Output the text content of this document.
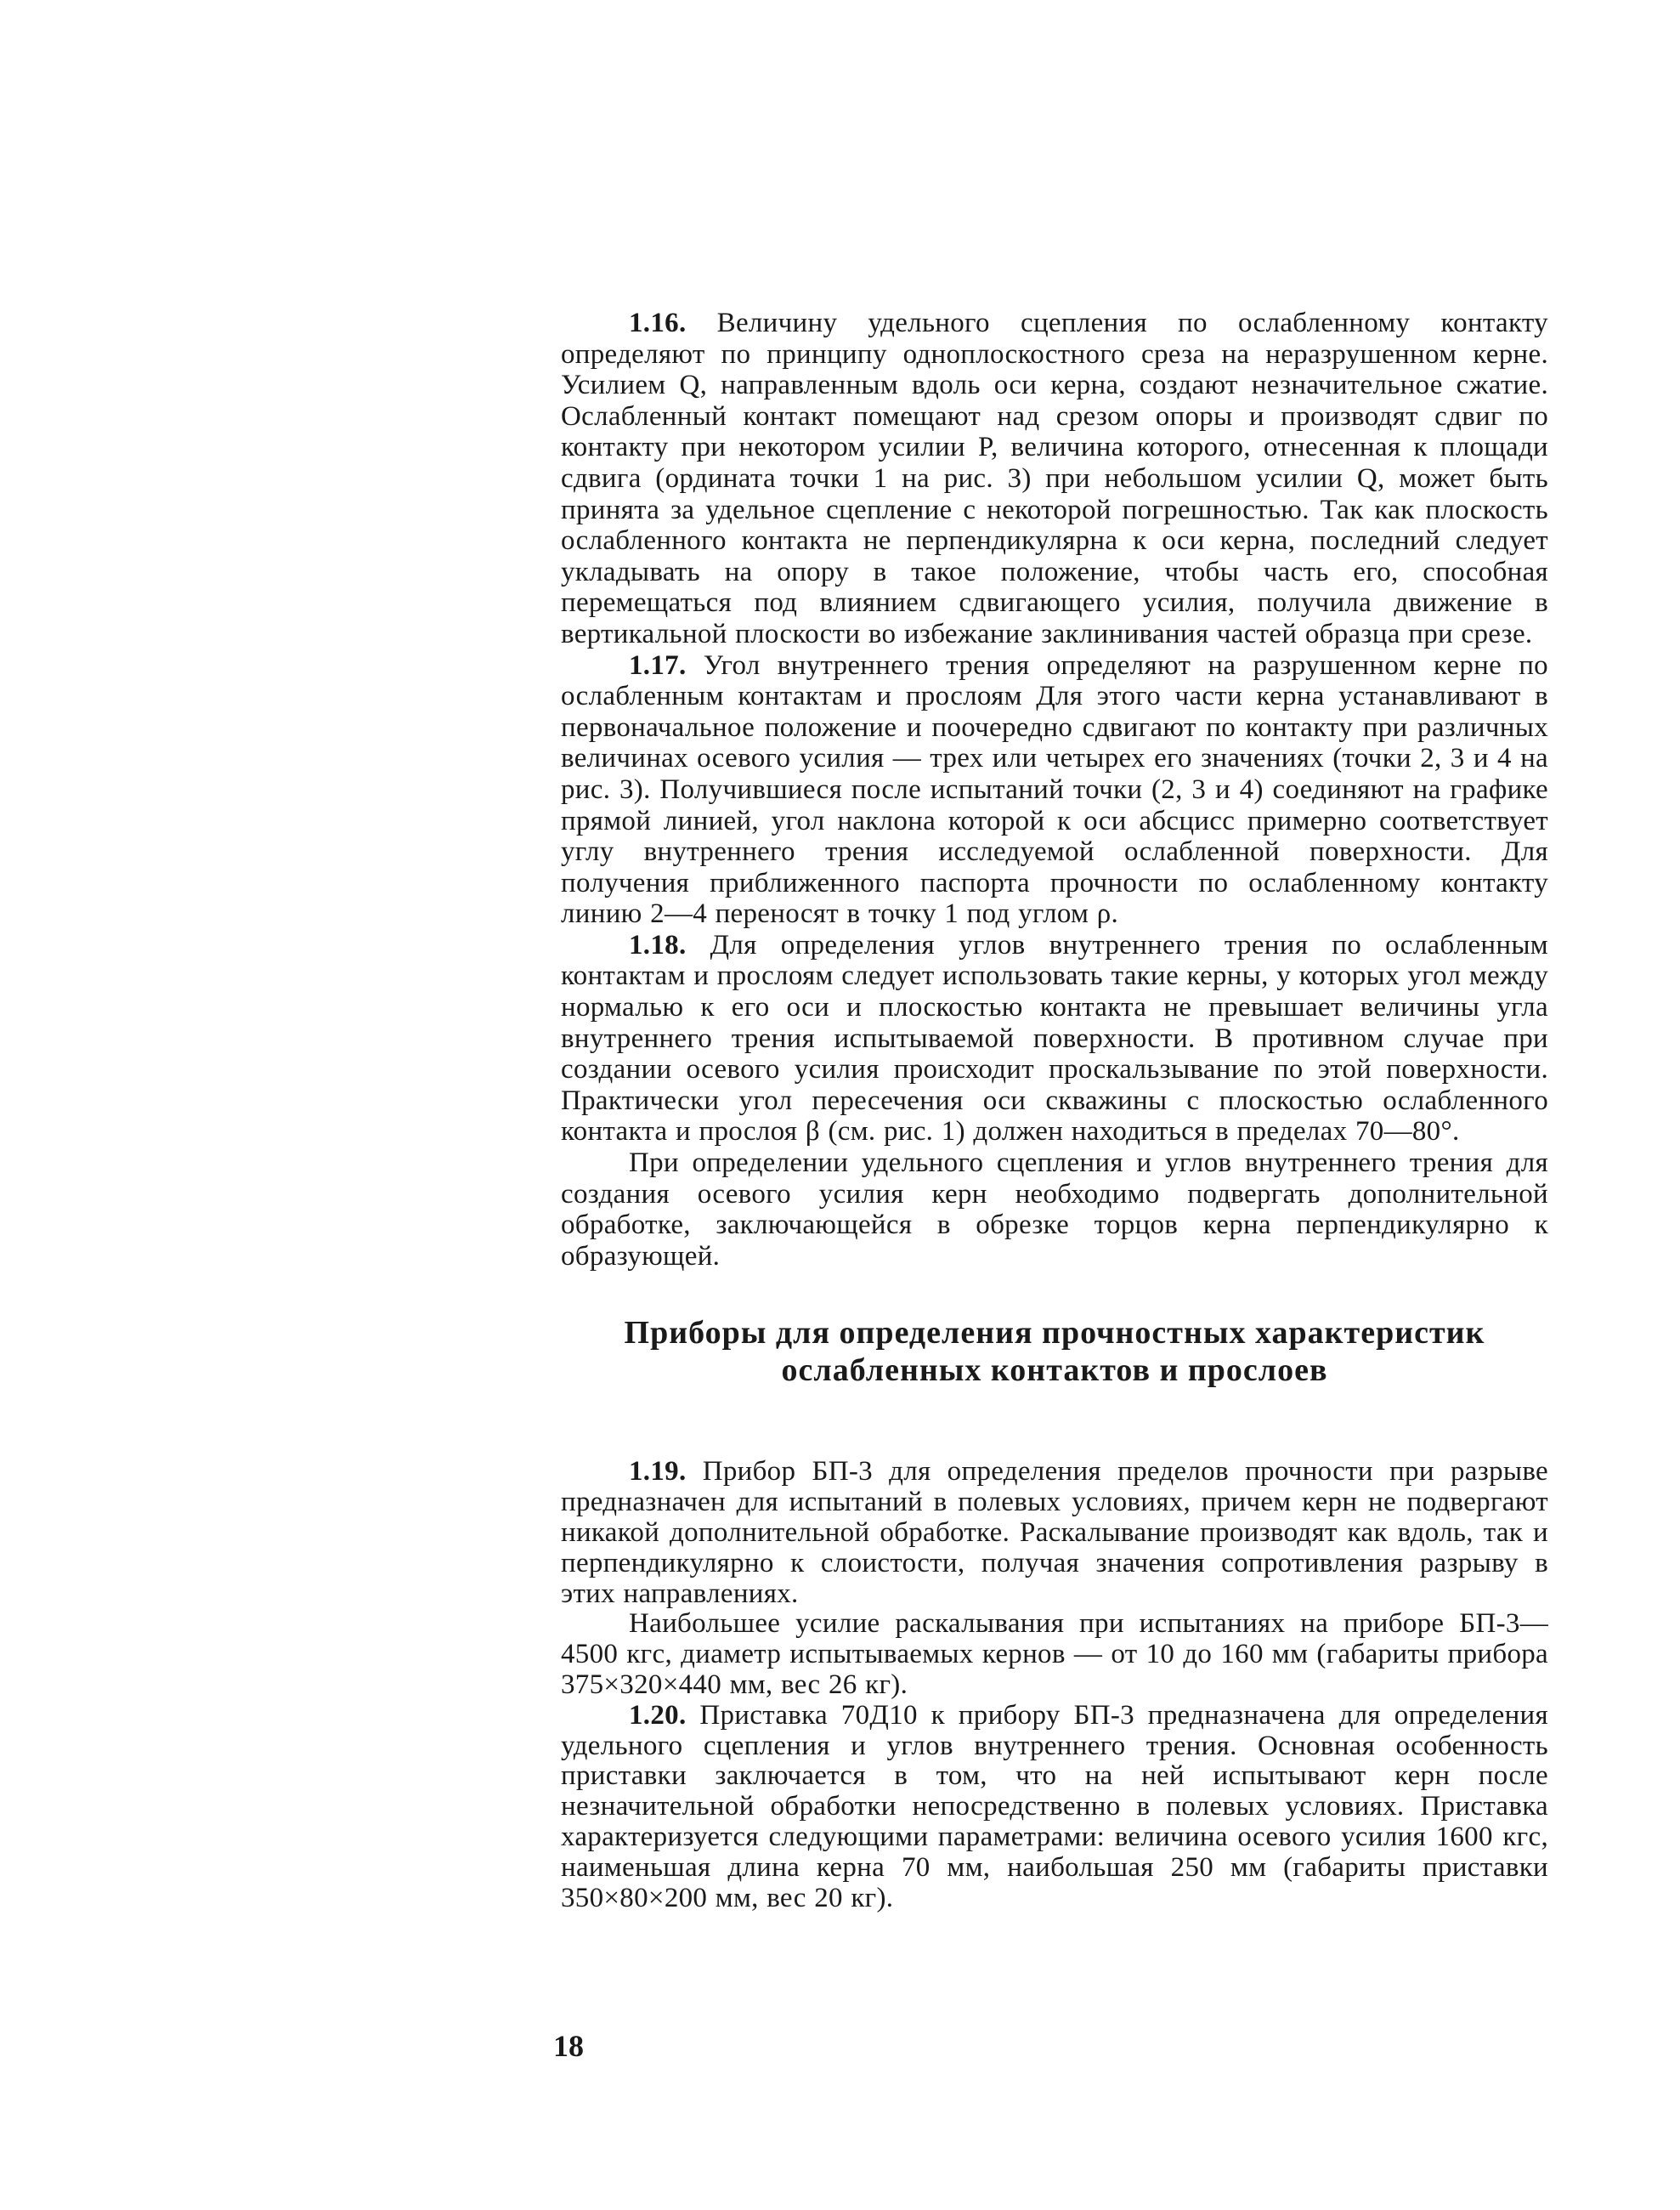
1.16. Величину удельного сцепления по ослабленному контакту определяют по принципу одноплоскостного среза на неразрушенном керне. Усилием Q, направленным вдоль оси керна, создают незначительное сжатие. Ослабленный контакт помещают над срезом опоры и производят сдвиг по контакту при некотором усилии P, величина которого, отнесенная к площади сдвига (ордината точки 1 на рис. 3) при небольшом усилии Q, может быть принята за удельное сцепление с некоторой погрешностью. Так как плоскость ослабленного контакта не перпендикулярна к оси керна, последний следует укладывать на опору в такое положение, чтобы часть его, способная перемещаться под влиянием сдвигающего усилия, получила движение в вертикальной плоскости во избежание заклинивания частей образца при срезе.

1.17. Угол внутреннего трения определяют на разрушенном керне по ослабленным контактам и прослоям Для этого части керна устанавливают в первоначальное положение и поочередно сдвигают по контакту при различных величинах осевого усилия — трех или четырех его значениях (точки 2, 3 и 4 на рис. 3). Получившиеся после испытаний точки (2, 3 и 4) соединяют на графике прямой линией, угол наклона которой к оси абсцисс примерно соответствует углу внутреннего трения исследуемой ослабленной поверхности. Для получения приближенного паспорта прочности по ослабленному контакту линию 2—4 переносят в точку 1 под углом ρ.

1.18. Для определения углов внутреннего трения по ослабленным контактам и прослоям следует использовать такие керны, у которых угол между нормалью к его оси и плоскостью контакта не превышает величины угла внутреннего трения испытываемой поверхности. В противном случае при создании осевого усилия происходит проскальзывание по этой поверхности. Практически угол пересечения оси скважины с плоскостью ослабленного контакта и прослоя β (см. рис. 1) должен находиться в пределах 70—80°.

При определении удельного сцепления и углов внутреннего трения для создания осевого усилия керн необходимо подвергать дополнительной обработке, заключающейся в обрезке торцов керна перпендикулярно к образующей.

Приборы для определения прочностных характеристик
ослабленных контактов и прослоев

1.19. Прибор БП-3 для определения пределов прочности при разрыве предназначен для испытаний в полевых условиях, причем керн не подвергают никакой дополнительной обработке. Раскалывание производят как вдоль, так и перпендикулярно к слоистости, получая значения сопротивления разрыву в этих направлениях.

Наибольшее усилие раскалывания при испытаниях на приборе БП-3—4500 кгс, диаметр испытываемых кернов — от 10 до 160 мм (габариты прибора 375×320×440 мм, вес 26 кг).

1.20. Приставка 70Д10 к прибору БП-3 предназначена для определения удельного сцепления и углов внутреннего трения. Основная особенность приставки заключается в том, что на ней испытывают керн после незначительной обработки непосредственно в полевых условиях. Приставка характеризуется следующими параметрами: величина осевого усилия 1600 кгс, наименьшая длина керна 70 мм, наибольшая 250 мм (габариты приставки 350×80×200 мм, вес 20 кг).

18
